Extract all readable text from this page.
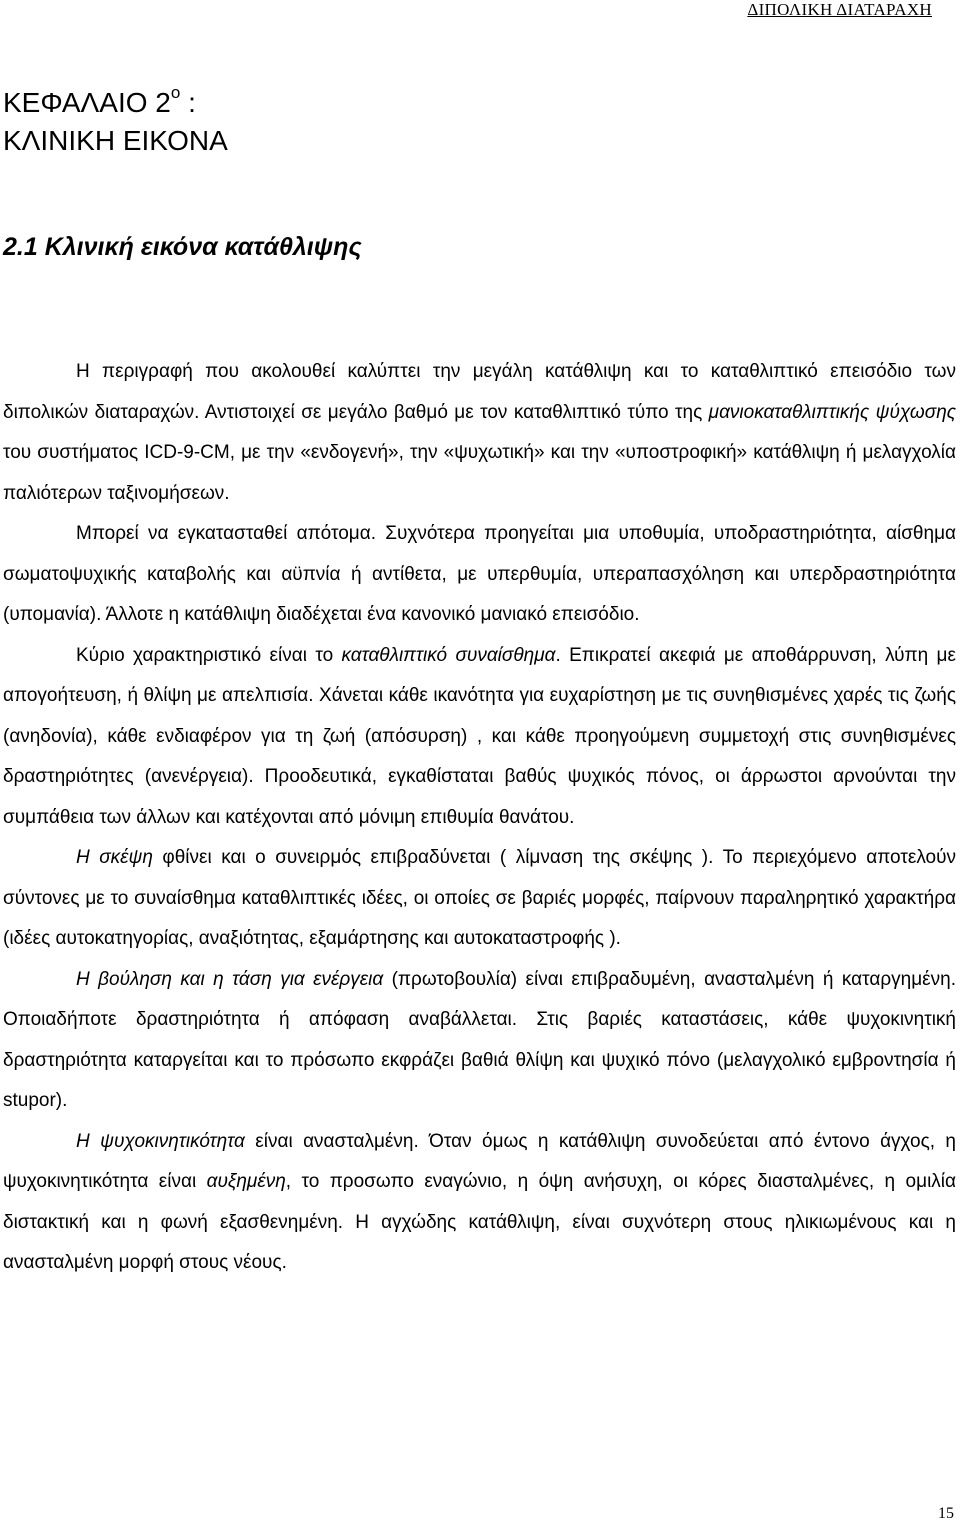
ΔΙΠΟΛΙΚΗ ΔΙΑΤΑΡΑΧΗ
ΚΕΦΑΛΑΙΟ $2^o$ :
ΚΛΙΝΙΚΗ ΕΙΚΟΝΑ
2.1 Κλινική εικόνα κατάθλιψης

Η περιγραφή που ακολουθεί καλύπτει την μεγάλη κατάθλιψη και το καταθλιπτικό επεισόδιο των διπολικών διαταραχών. Αντιστοιχεί σε μεγάλο βαθμό με τον καταθλιπτικό τύπο της μανιοκαταθλιπτικής ψύχωσης του συστήματος ICD-9-CM, με την «ενδογενή», την «ψυχωτική» και την «υποστροφική» κατάθλιψη ή μελαγχολία παλιότερων ταξινομήσεων.

Μπορεί να εγκατασταθεί απότομα. Συχνότερα προηγείται μια υποθυμία, υποδραστηριότητα, αίσθημα σωματοψυχικής καταβολής και αϋπνία ή αντίθετα, με υπερθυμία, υπεραπασχόληση και υπερδραστηριότητα (υπομανία). Άλλοτε η κατάθλιψη διαδέχεται ένα κανονικό μανιακό επεισόδιο.

Κύριο χαρακτηριστικό είναι το καταθλιπτικό συναίσθημα. Επικρατεί ακεφιά με αποθάρρυνση, λύπη με απογοήτευση, ή θλίψη με απελπισία. Χάνεται κάθε ικανότητα για ευχαρίστηση με τις συνηθισμένες χαρές τις ζωής (ανηδονία), κάθε ενδιαφέρον για τη ζωή (απόσυρση) , και κάθε προηγούμενη συμμετοχή στις συνηθισμένες δραστηριότητες (ανενέργεια). Προοδευτικά, εγκαθίσταται βαθύς ψυχικός πόνος, οι άρρωστοι αρνούνται την συμπάθεια των άλλων και κατέχονται από μόνιμη επιθυμία θανάτου.

Η σκέψη φθίνει και ο συνειρμός επιβραδύνεται ( λίμναση της σκέψης ). Το περιεχόμενο αποτελούν σύντονες με το συναίσθημα καταθλιπτικές ιδέες, οι οποίες σε βαριές μορφές, παίρνουν παραληρητικό χαρακτήρα (ιδέες αυτοκατηγορίας, αναξιότητας, εξαμάρτησης και αυτοκαταστροφής ).

Η βούληση και η τάση για ενέργεια (πρωτοβουλία) είναι επιβραδυμένη, ανασταλμένη ή καταργημένη. Οποιαδήποτε δραστηριότητα ή απόφαση αναβάλλεται. Στις βαριές καταστάσεις, κάθε ψυχοκινητική δραστηριότητα καταργείται και το πρόσωπο εκφράζει βαθιά θλίψη και ψυχικό πόνο (μελαγχολικό εμβροντησία ή stupor).

Η ψυχοκινητικότητα είναι ανασταλμένη. Όταν όμως η κατάθλιψη συνοδεύεται από έντονο άγχος, η ψυχοκινητικότητα είναι αυξημένη, το προσωπο εναγώνιο, η όψη ανήσυχη, οι κόρες διασταλμένες, η ομιλία διστακτική και η φωνή εξασθενημένη. Η αγχώδης κατάθλιψη, είναι συχνότερη στους ηλικιωμένους και η ανασταλμένη μορφή στους νέους.

15
